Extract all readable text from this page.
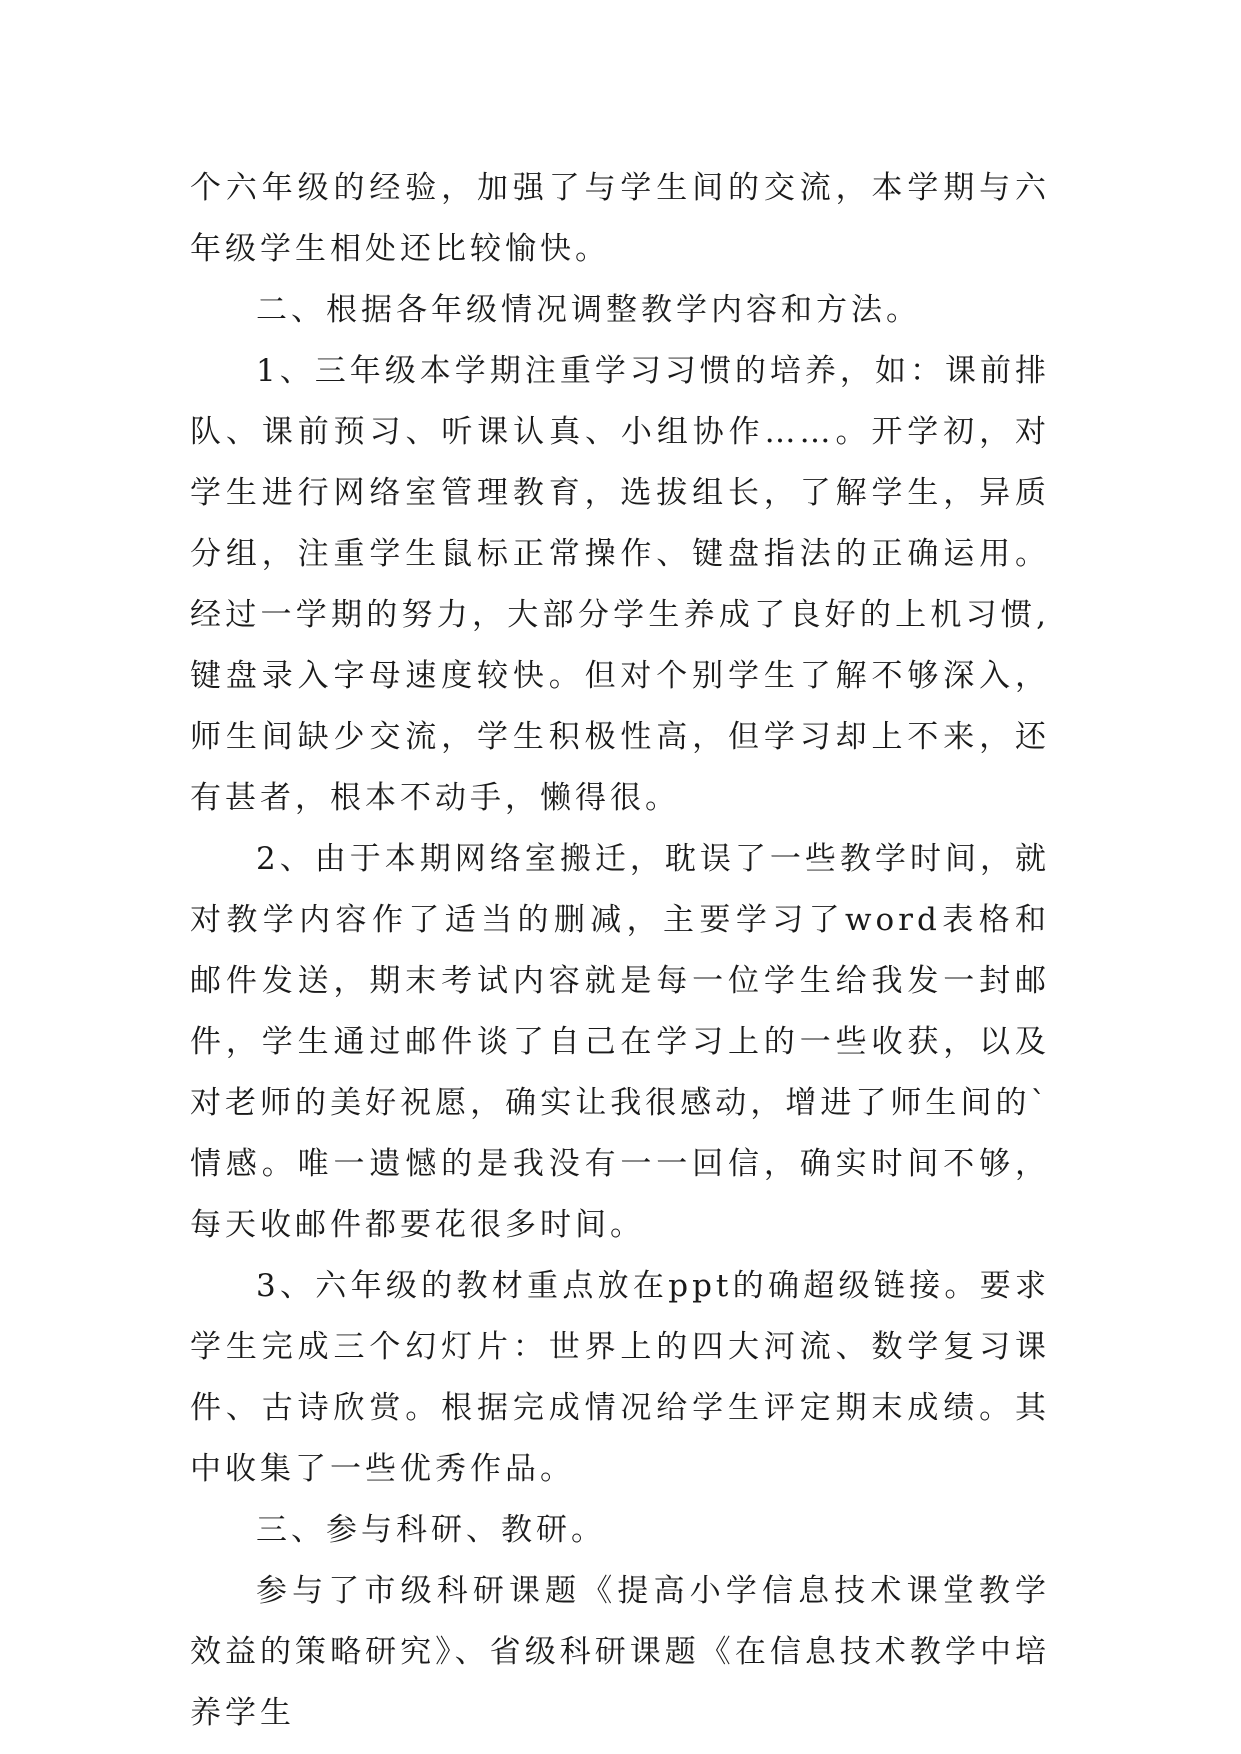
个六年级的经验，加强了与学生间的交流，本学期与六年级学生相处还比较愉快。

二、根据各年级情况调整教学内容和方法。

1、三年级本学期注重学习习惯的培养，如：课前排队、课前预习、听课认真、小组协作……。开学初，对学生进行网络室管理教育，选拔组长，了解学生，异质分组，注重学生鼠标正常操作、键盘指法的正确运用。经过一学期的努力，大部分学生养成了良好的上机习惯,键盘录入字母速度较快。但对个别学生了解不够深入，师生间缺少交流，学生积极性高，但学习却上不来，还有甚者，根本不动手，懒得很。

2、由于本期网络室搬迁，耽误了一些教学时间，就对教学内容作了适当的删减，主要学习了word表格和邮件发送，期末考试内容就是每一位学生给我发一封邮件，学生通过邮件谈了自己在学习上的一些收获，以及对老师的美好祝愿，确实让我很感动，增进了师生间的`情感。唯一遗憾的是我没有一一回信，确实时间不够，每天收邮件都要花很多时间。

3、六年级的教材重点放在ppt的确超级链接。要求学生完成三个幻灯片：世界上的四大河流、数学复习课件、古诗欣赏。根据完成情况给学生评定期末成绩。其中收集了一些优秀作品。

三、参与科研、教研。

参与了市级科研课题《提高小学信息技术课堂教学效益的策略研究》、省级科研课题《在信息技术教学中培养学生
